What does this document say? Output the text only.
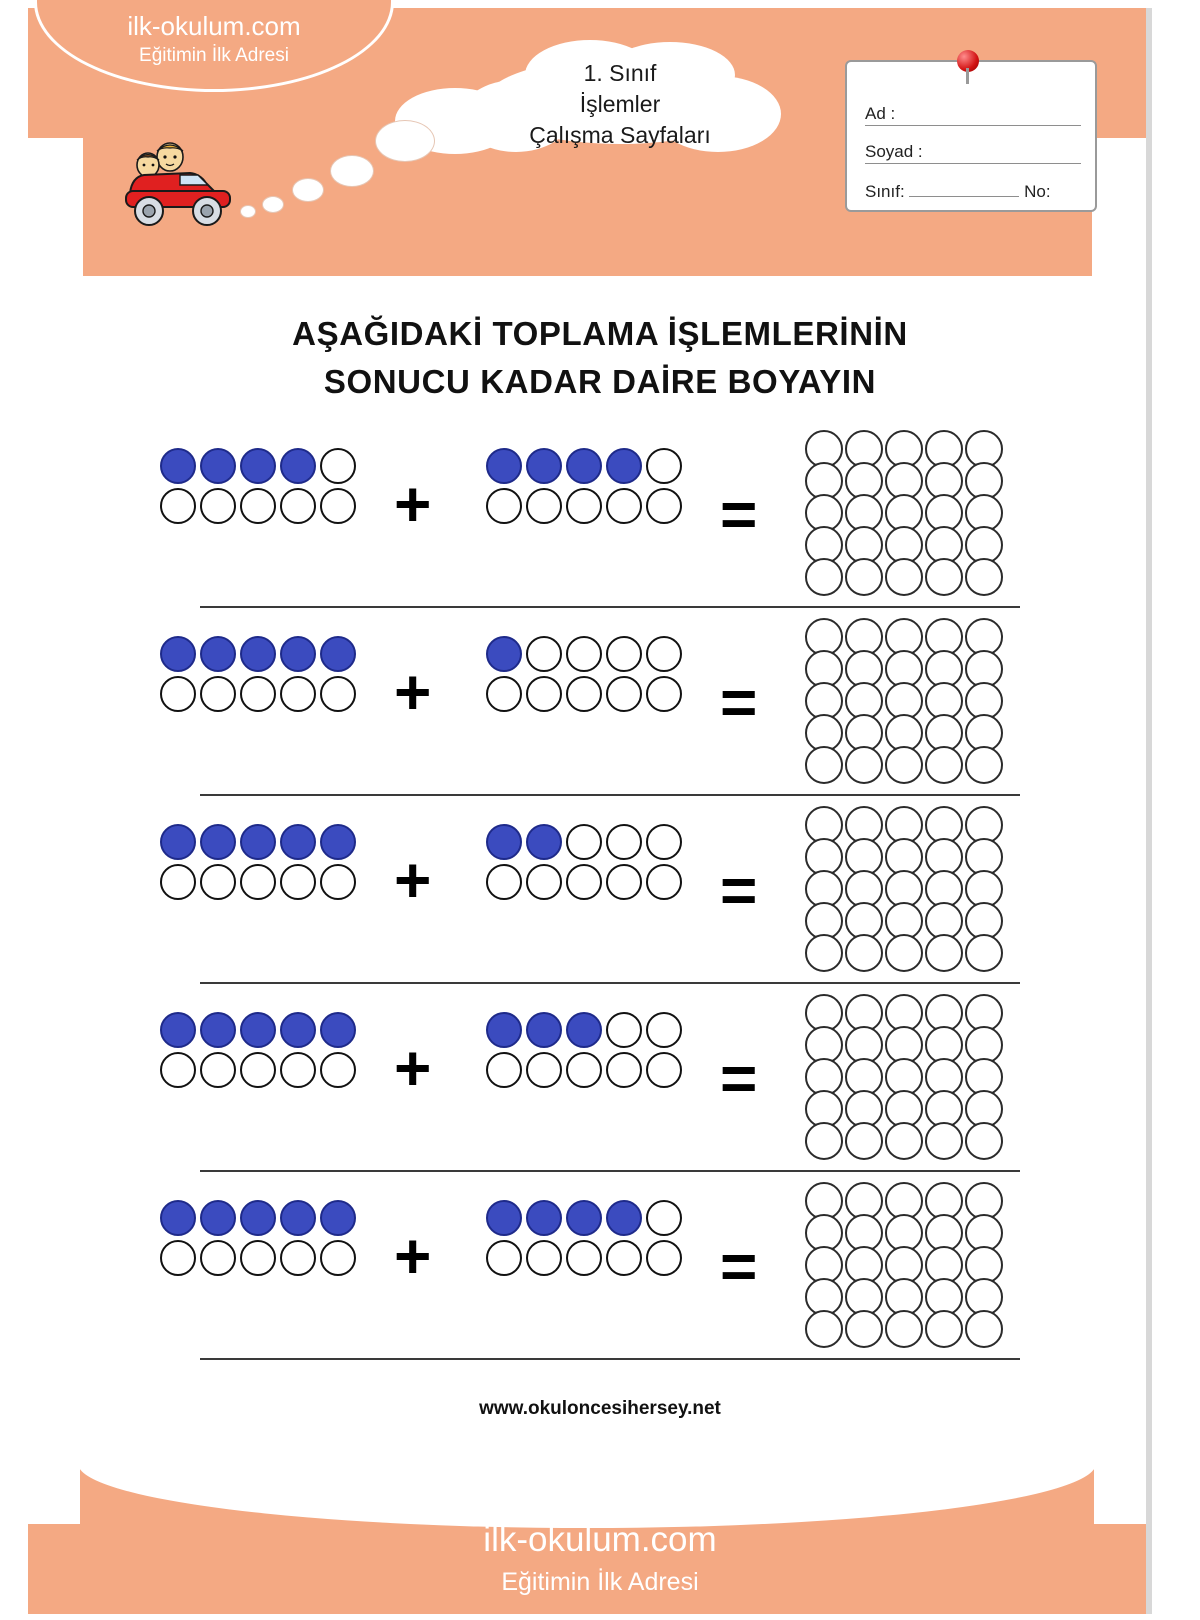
ilk-okulum.com
Eğitimin İlk Adresi
1. Sınıf
İşlemler
Çalışma Sayfaları
Ad :
Soyad :
Sınıf:	No:
AŞAĞIDAKİ TOPLAMA İŞLEMLERİNİN
SONUCU KADAR DAİRE BOYAYIN
+	=
+	=
+	=
+	=
+	=
www.okuloncesihersey.net
ilk-okulum.com
Eğitimin İlk Adresi
